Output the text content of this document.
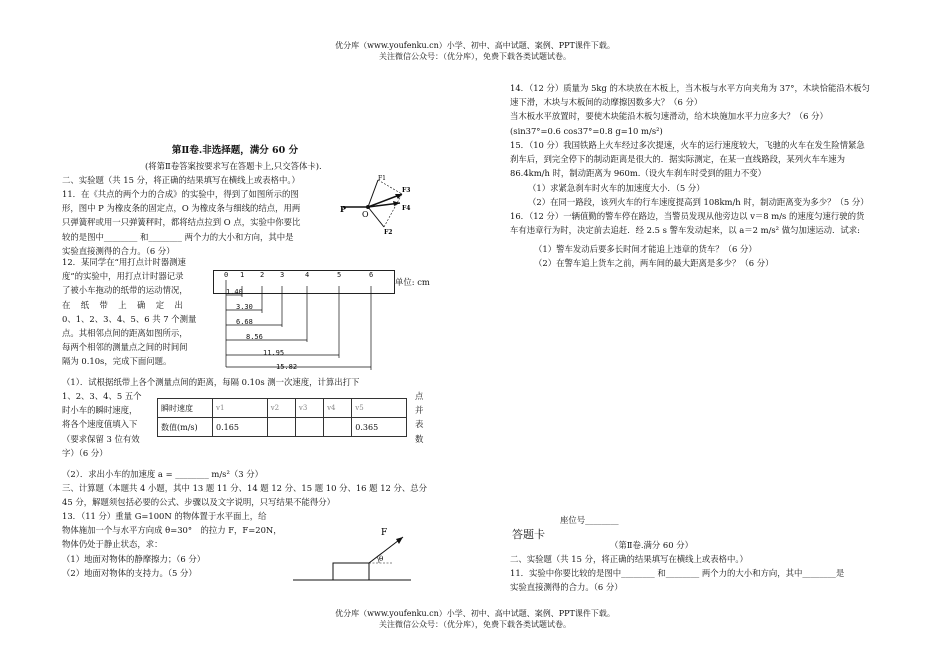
优分库（www.youfenku.cn）小学、初中、高中试题、案例、PPT课件下载。
关注微信公众号：（优分库），免费下载各类试题试卷。
第Ⅱ卷.非选择题，满分 60 分
(将第Ⅱ卷答案按要求写在答题卡上,只交答体卡).
二、实验题（共 15 分，将正确的结果填写在横线上或表格中。）
11．在《共点的两个力的合成》的实验中，得到了如图所示的图
形，图中 P 为橡皮条的固定点，O 为橡皮条与细线的结点，用两
只弹簧秤或用一只弹簧秤时，都将结点拉到 O 点，实验中你要比
较的是图中________ 和________ 两个力的大小和方向，其中是
实验直接测得的合力。（6 分）
P
O
F1
F3
F4
F2
12．某同学在“用打点计时器测速
度”的实验中，用打点计时器记录
了被小车拖动的纸带的运动情况，
在　纸　带　上　确　定　出
0、1、2、3、4、5、6 共 7 个测量
点。其相邻点间的距离如图所示，
每两个相邻的测量点之间的时间间
隔为 0.10s，完成下面问题。
0 1 2 3	4	5	6
1.40
3.30
6.68
8.56
11.95
15.82
单位: cm
（1）．试根据纸带上各个测量点间的距离，每隔 0.10s 测一次速度，计算出打下
1、2、3、4、5 五个
时小车的瞬时速度，
将各个速度值填入下
（要求保留 3 位有效
字）（6 分）
点
并
表
数
瞬时速度	v1	v2	v3	v4	v5
数值(m/s)	0.165				0.365
（2）．求出小车的加速度 a = ________ m/s²（3 分）
三、计算题（本题共 4 小题，其中 13 题 11 分、14 题 12 分、15 题 10 分、16 题 12 分、总分
45 分，解题须包括必要的公式、步骤以及文字说明，只写结果不能得分）
13．（11 分）重量 G=100N 的物体置于水平面上，给
物体施加一个与水平方向成 θ=30°　的拉力 F，F=20N，
物体仍处于静止状态，求：
（1）地面对物体的静摩擦力；（6 分）
（2）地面对物体的支持力。（5 分）
F
θ
14．（12 分）质量为 5kg 的木块放在木板上，当木板与水平方向夹角为 37°，木块恰能沿木板匀
速下滑，木块与木板间的动摩擦因数多大？（6 分）
当木板水平放置时，要使木块能沿木板匀速滑动，给木块施加水平力应多大？（6 分）
(sin37°=0.6 cos37°=0.8 g=10 m/s²)
15．（10 分）我国铁路上火车经过多次提速，火车的运行速度较大，飞驰的火车在发生险情紧急
刹车后，到完全停下的制动距离是很大的．据实际测定，在某一直线路段，某列火车车速为
86.4km/h 时，制动距离为 960m.（设火车刹车时受到的阻力不变）
（1）求紧急刹车时火车的加速度大小．（5 分）
（2）在同一路段，该列火车的行车速度提高到 108km/h 时，制动距离变为多少？（5 分）
16．（12 分）一辆值勤的警车停在路边，当警员发现从他旁边以 v＝8 m/s 的速度匀速行驶的货
车有违章行为时，决定前去追赶．经 2.5 s 警车发动起来，以 a＝2 m/s² 做匀加速运动．试求:
（1）警车发动后要多长时间才能追上违章的货车？（6 分）
（2）在警车追上货车之前，两车间的最大距离是多少？（6 分）
座位号________
答题卡
（第Ⅱ卷.满分 60 分）
二、实验题（共 15 分，将正确的结果填写在横线上或表格中。）
11．实验中你要比较的是图中________ 和________ 两个力的大小和方向，其中________是
实验直接测得的合力。（6 分）
优分库（www.youfenku.cn）小学、初中、高中试题、案例、PPT课件下载。
关注微信公众号：（优分库），免费下载各类试题试卷。
